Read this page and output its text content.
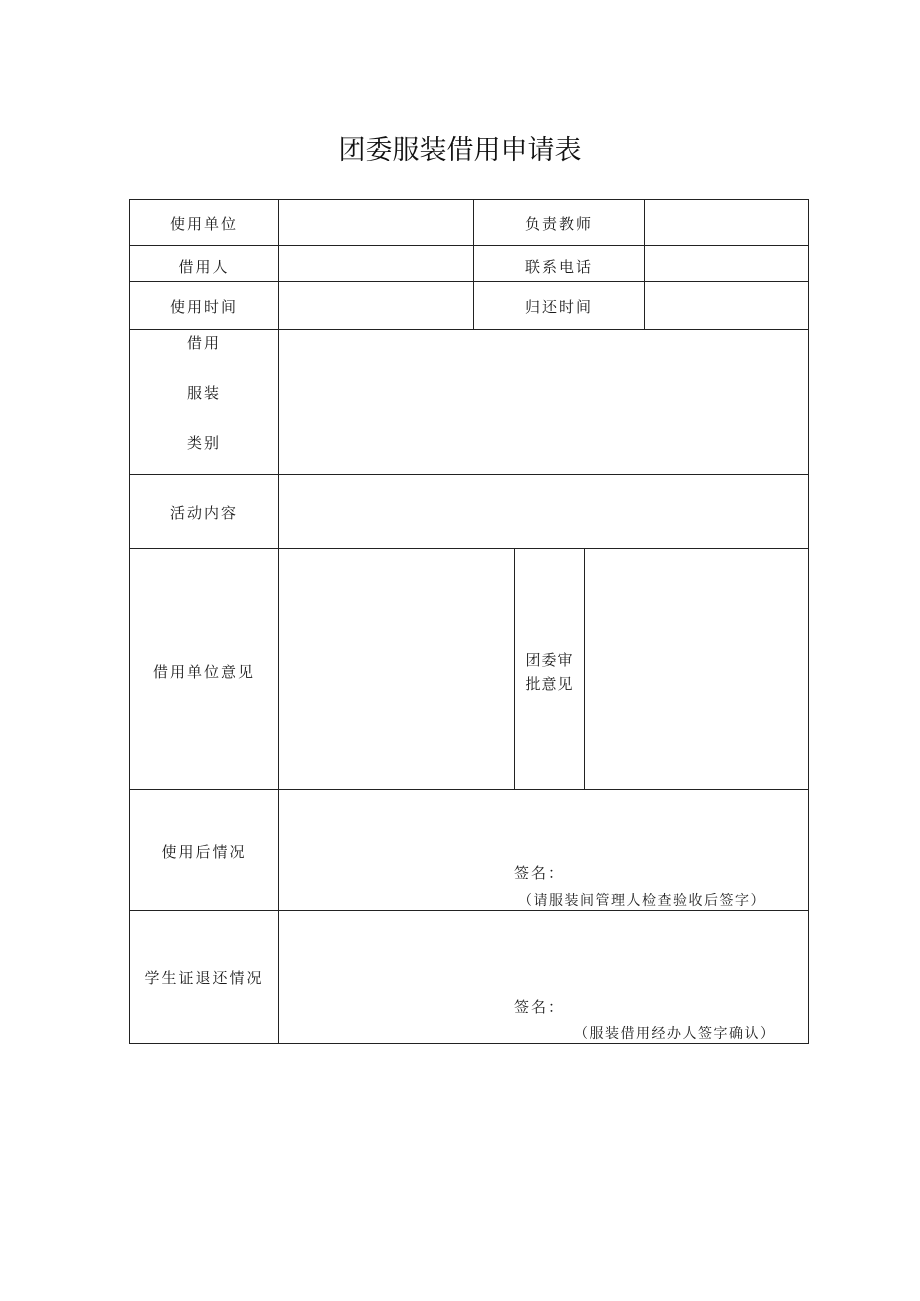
团委服装借用申请表
使用单位	负责教师
借用人	联系电话
使用时间	归还时间
借用
服装
类别
活动内容
借用单位意见
团委审
批意见
使用后情况
签名：
（请服装间管理人检查验收后签字）
学生证退还情况
签名：
（服装借用经办人签字确认）
